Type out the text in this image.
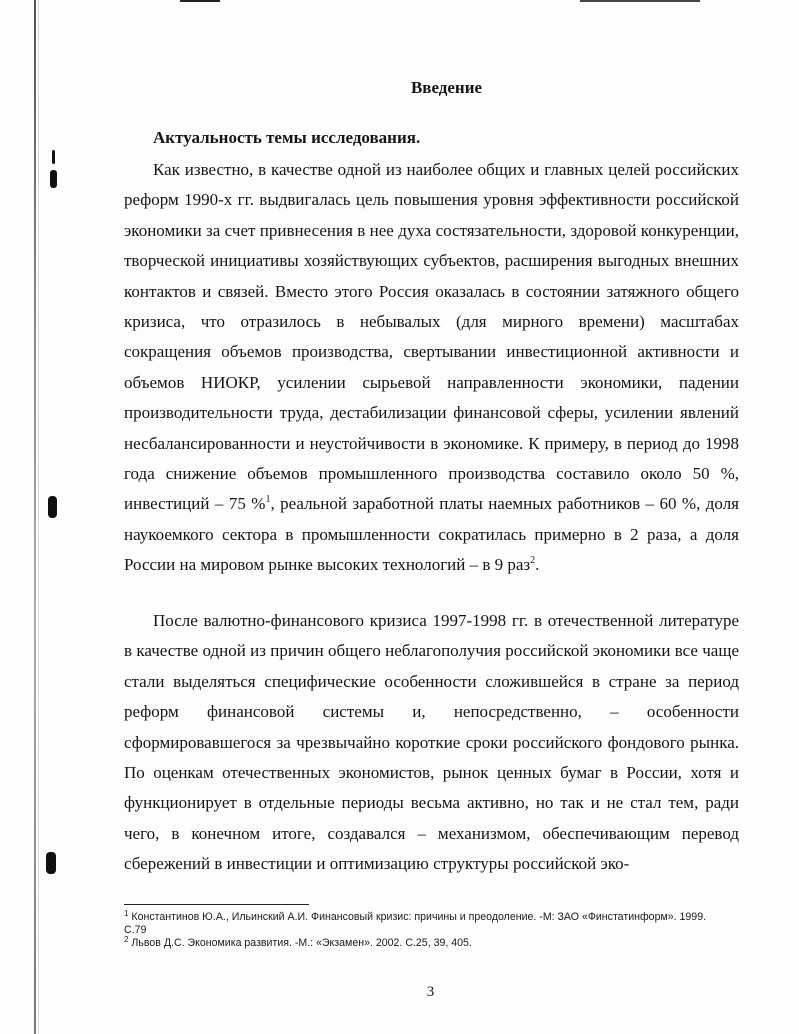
Введение
Актуальность темы исследования.

Как известно, в качестве одной из наиболее общих и главных целей российских реформ 1990-х гг. выдвигалась цель повышения уровня эффективности российской экономики за счет привнесения в нее духа состязательности, здоровой конкуренции, творческой инициативы хозяйствующих субъектов, расширения выгодных внешних контактов и связей. Вместо этого Россия оказалась в состоянии затяжного общего кризиса, что отразилось в небывалых (для мирного времени) масштабах сокращения объемов производства, свертывании инвестиционной активности и объемов НИОКР, усилении сырьевой направленности экономики, падении производительности труда, дестабилизации финансовой сферы, усилении явлений несбалансированности и неустойчивости в экономике. К примеру, в период до 1998 года снижение объемов промышленного производства составило около 50 %, инвестиций – 75 %$^1$, реальной заработной платы наемных работников – 60 %, доля наукоемкого сектора в промышленности сократилась примерно в 2 раза, а доля России на мировом рынке высоких технологий – в 9 раз$^2$.

После валютно-финансового кризиса 1997-1998 гг. в отечественной литературе в качестве одной из причин общего неблагополучия российской экономики все чаще стали выделяться специфические особенности сложившейся в стране за период реформ финансовой системы и, непосредственно, – особенности сформировавшегося за чрезвычайно короткие сроки российского фондового рынка. По оценкам отечественных экономистов, рынок ценных бумаг в России, хотя и функционирует в отдельные периоды весьма активно, но так и не стал тем, ради чего, в конечном итоге, создавался – механизмом, обеспечивающим перевод сбережений в инвестиции и оптимизацию структуры российской эко-

$^1$ Константинов Ю.А., Ильинский А.И. Финансовый кризис: причины и преодоление. -М: ЗАО «Финстатинформ». 1999. С.79

$^2$ Львов Д.С. Экономика развития. -М.: «Экзамен». 2002. С.25, 39, 405.

3
